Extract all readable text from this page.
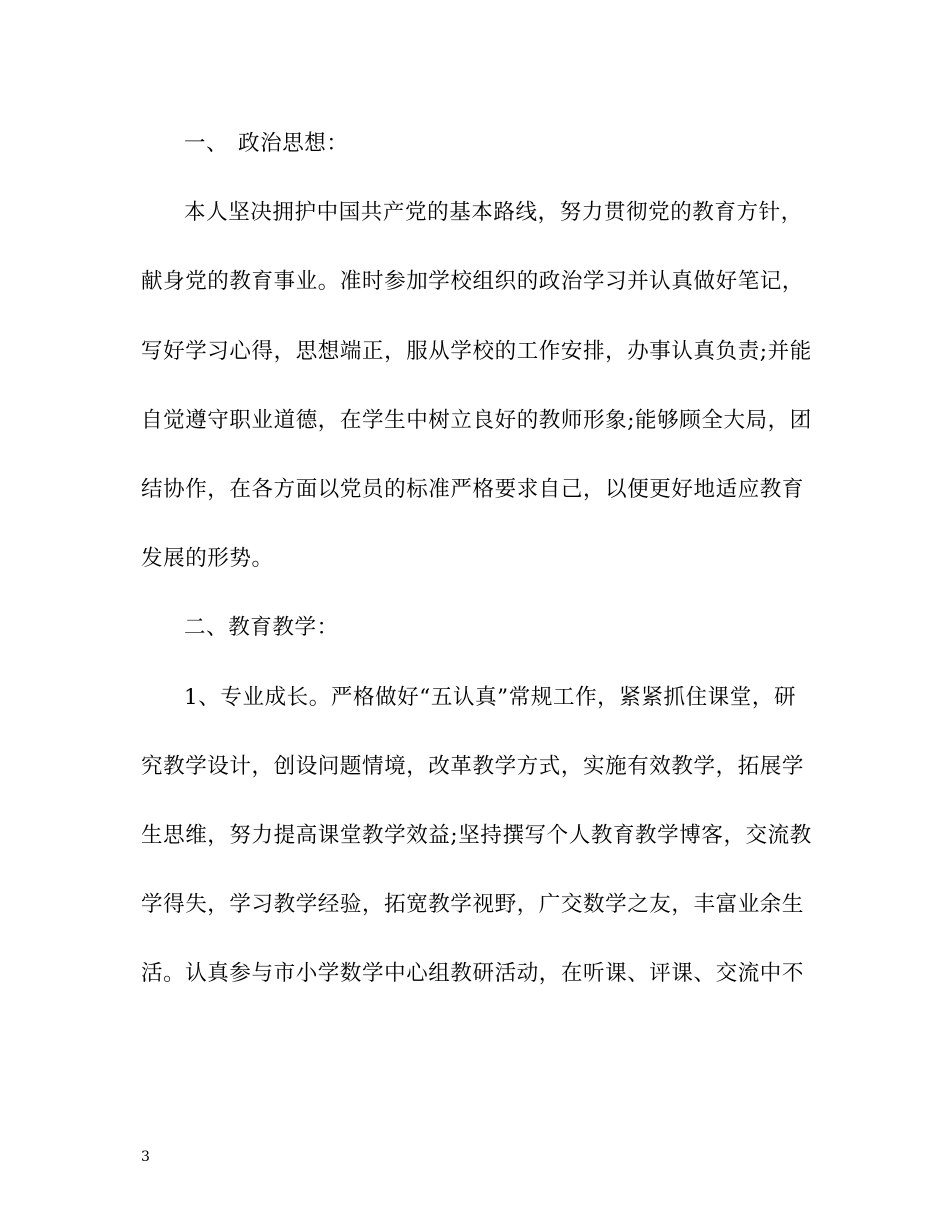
一、 政治思想：
本人坚决拥护中国共产党的基本路线，努力贯彻党的教育方针，
献身党的教育事业。准时参加学校组织的政治学习并认真做好笔记，
写好学习心得，思想端正，服从学校的工作安排，办事认真负责;并能
自觉遵守职业道德，在学生中树立良好的教师形象;能够顾全大局，团
结协作，在各方面以党员的标准严格要求自己，以便更好地适应教育
发展的形势。
二、教育教学：
1、专业成长。严格做好“五认真”常规工作，紧紧抓住课堂，研
究教学设计，创设问题情境，改革教学方式，实施有效教学，拓展学
生思维，努力提高课堂教学效益;坚持撰写个人教育教学博客，交流教
学得失，学习教学经验，拓宽教学视野，广交数学之友，丰富业余生
活。认真参与市小学数学中心组教研活动，在听课、评课、交流中不
3
